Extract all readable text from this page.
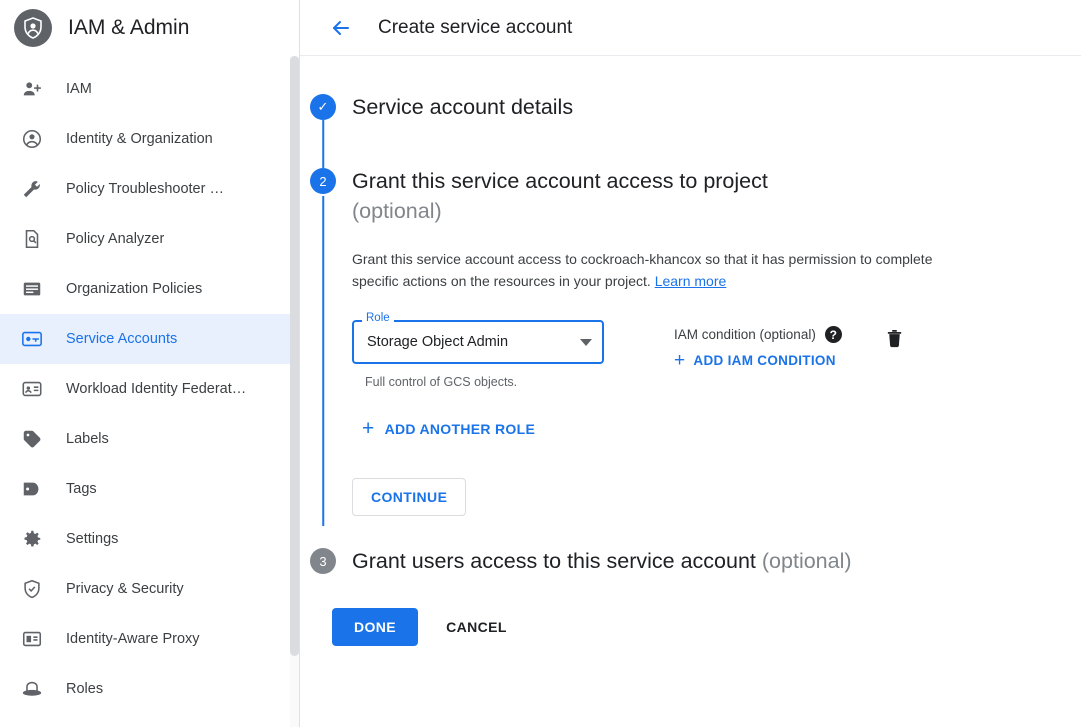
IAM & Admin
IAM
Identity & Organization
Policy Troubleshooter …
Policy Analyzer
Organization Policies
Service Accounts
Workload Identity Federat…
Labels
Tags
Settings
Privacy & Security
Identity-Aware Proxy
Roles
Create service account
✓	Service account details
2	Grant this service account access to project
(optional)

Grant this service account access to cockroach-khancox so that it has permission to complete specific actions on the resources in your project. Learn more

Role
Storage Object Admin
Full control of GCS objects.
IAM condition (optional)	?
+ ADD IAM CONDITION
+ ADD ANOTHER ROLE
CONTINUE
3	Grant users access to this service account (optional)
DONE	CANCEL
